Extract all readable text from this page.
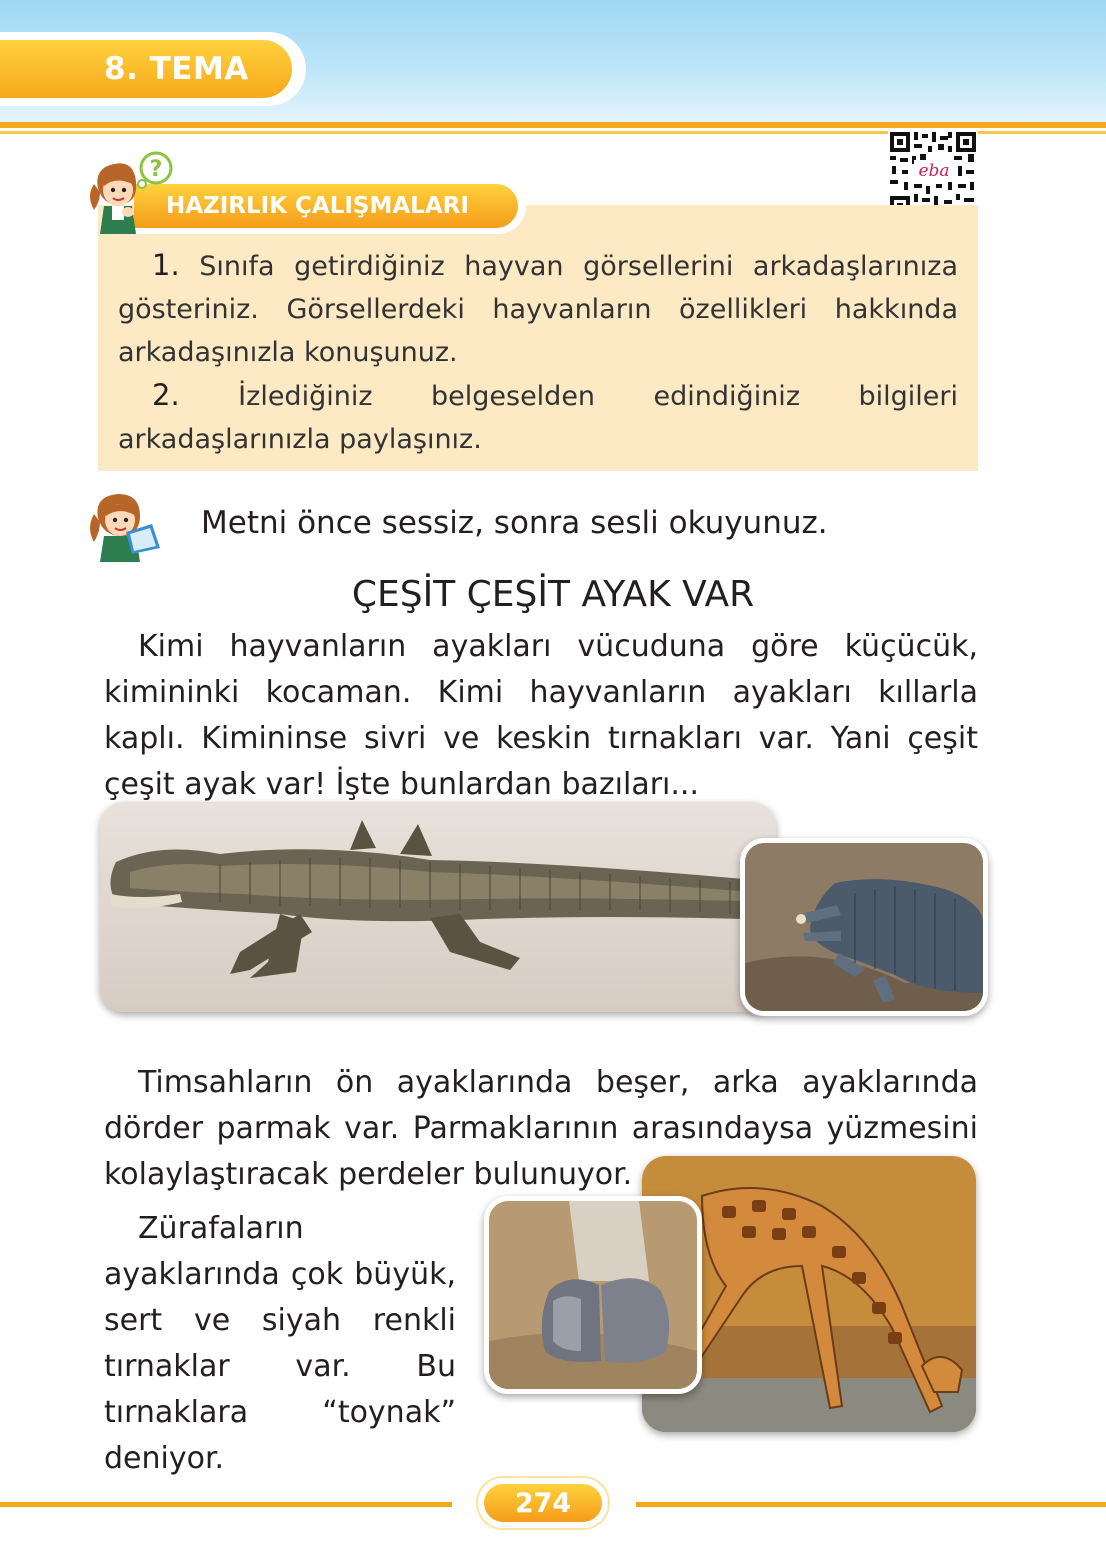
8. TEMA
eba
HAZIRLIK ÇALIŞMALARI
?

1. Sınıfa getirdiğiniz hayvan görsellerini arkadaşlarınıza gösteriniz. Görsellerdeki hayvanların özellikleri hakkında arkadaşınızla konuşunuz.

2. İzlediğiniz belgeselden edindiğiniz bilgileri arkadaşlarınızla paylaşınız.

Metni önce sessiz, sonra sesli okuyunuz.
ÇEŞİT ÇEŞİT AYAK VAR

Kimi hayvanların ayakları vücuduna göre küçücük, kimininki kocaman. Kimi hayvanların ayakları kıllarla kaplı. Kimininse sivri ve keskin tırnakları var. Yani çeşit çeşit ayak var! İşte bunlardan bazıları...

Timsahların ön ayaklarında beşer, arka ayaklarında dörder parmak var. Parmaklarının arasındaysa yüzmesini kolaylaştıracak perdeler bulunuyor.

Zürafaların ayaklarında çok büyük, sert ve siyah renkli tırnaklar var. Bu tırnaklara “toynak” deniyor.

274
